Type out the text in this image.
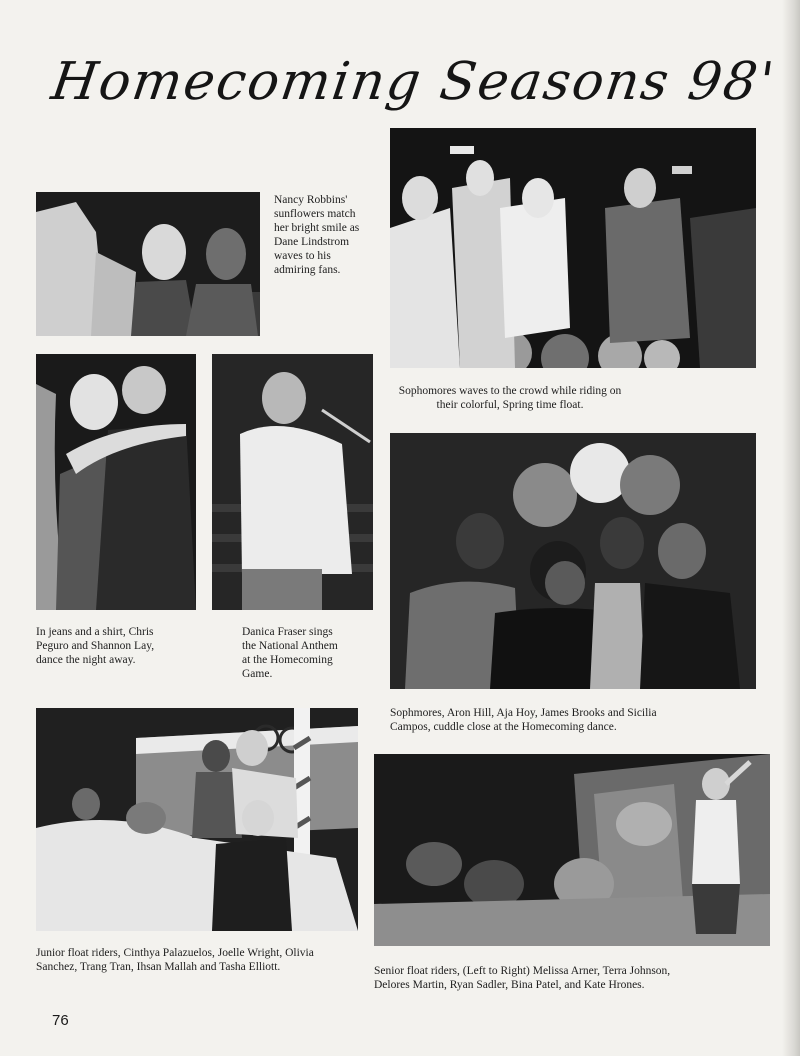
Homecoming Seasons 98'

Nancy Robbins' sunflowers match her bright smile as Dane Lindstrom waves to his admiring fans.

Sophomores waves to the crowd while riding on their colorful, Spring time float.

In jeans and a shirt, Chris Peguro and Shannon Lay, dance the night away.

Danica Fraser sings the National Anthem at the Homecoming Game.

Sophmores, Aron Hill, Aja Hoy, James Brooks and Sicilia Campos, cuddle close at the Homecoming dance.

Junior float riders, Cinthya Palazuelos, Joelle Wright, Olivia Sanchez, Trang Tran, Ihsan Mallah and Tasha Elliott.	Senior float riders, (Left to Right) Melissa Arner, Terra Johnson, Delores Martin, Ryan Sadler, Bina Patel, and Kate Hrones.

76
